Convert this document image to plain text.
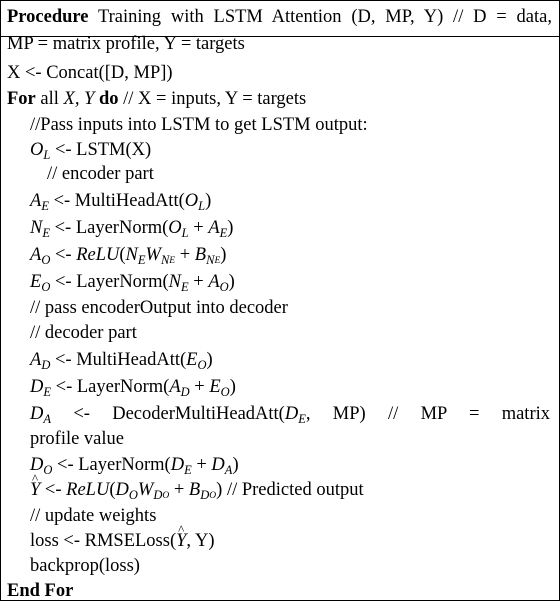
Procedure Training with LSTM Attention (D, MP, Y) // D = data,
MP = matrix profile, Y = targets
X <- Concat([D, MP])
For all X, Y do // X = inputs, Y = targets
//Pass inputs into LSTM to get LSTM output:
$O_L$ <- LSTM(X)
// encoder part
$A_E$ <- $MultiHeadAtt(O_L)$
$N_E$ <- $LayerNorm(O_L + A_E)$
$A_O$ <- $ReLU(N_EW_NE + B_NE)$
$E_O$ <- $LayerNorm(N_E + A_O)$
// pass encoderOutput into decoder
// decoder part
$A_D$ <- $MultiHeadAtt(E_O)$
$D_E$ <- $LayerNorm(A_D + E_O)$
$D_A$ <- $DecoderMultiHeadAtt(D_E$, MP) // MP = matrix
profile value
$D_O$ <- $LayerNorm(D_E + D_A)$
^ $Y <- ReLU(D_OW_DO + B_DO)$ // Predicted output
// update weights
loss <- RMSELoss(^ Y, Y)
backprop(loss)
End For
